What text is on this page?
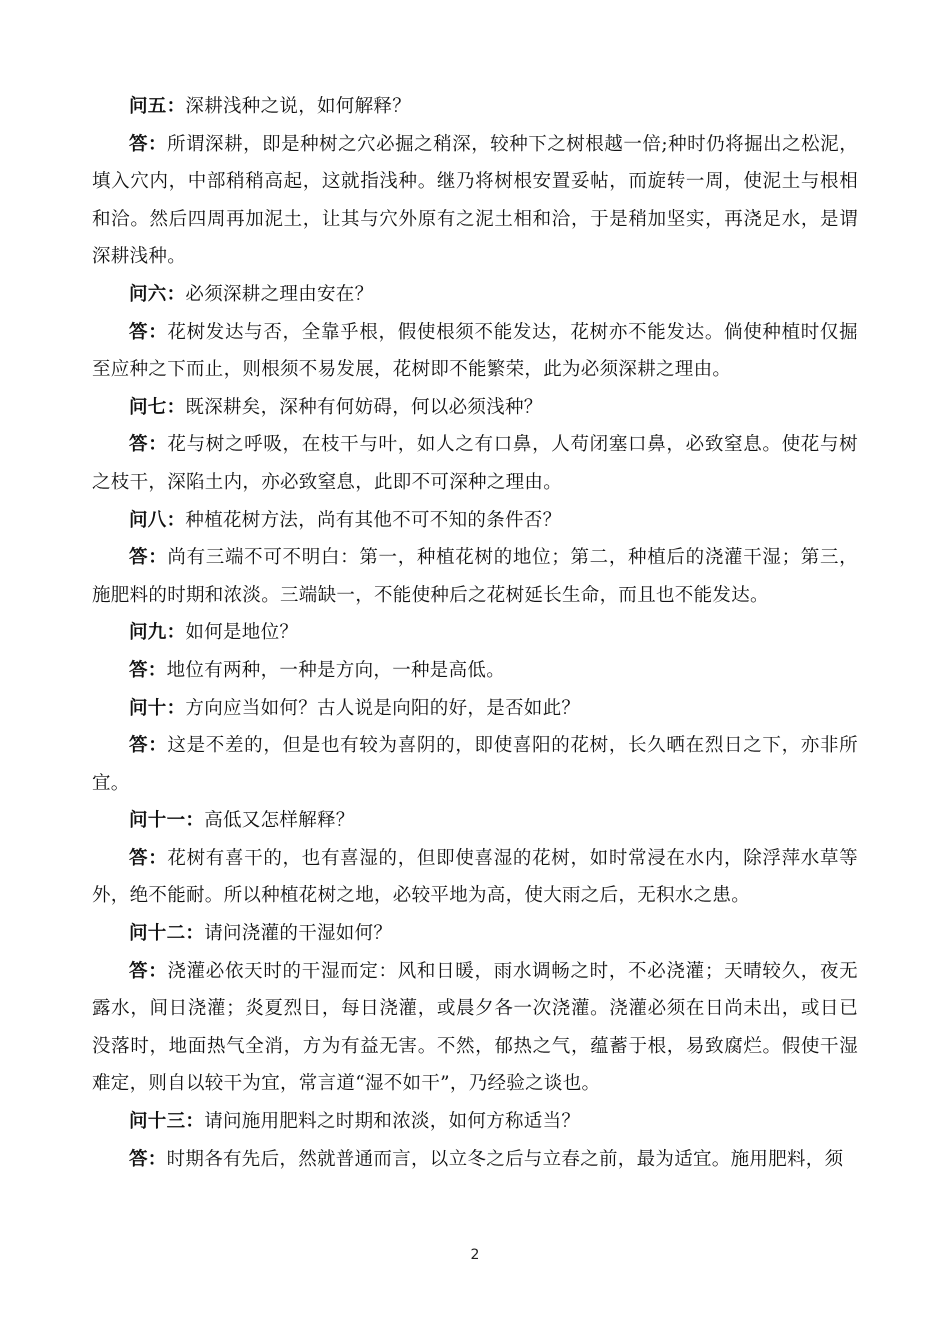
问五：深耕浅种之说，如何解释？

答：所谓深耕，即是种树之穴必掘之稍深，较种下之树根越一倍;种时仍将掘出之松泥，填入穴内，中部稍稍高起，这就指浅种。继乃将树根安置妥帖，而旋转一周，使泥土与根相和洽。然后四周再加泥土，让其与穴外原有之泥土相和洽，于是稍加坚实，再浇足水，是谓深耕浅种。

问六：必须深耕之理由安在？

答：花树发达与否，全靠乎根，假使根须不能发达，花树亦不能发达。倘使种植时仅掘至应种之下而止，则根须不易发展，花树即不能繁荣，此为必须深耕之理由。

问七：既深耕矣，深种有何妨碍，何以必须浅种？

答：花与树之呼吸，在枝干与叶，如人之有口鼻，人苟闭塞口鼻，必致窒息。使花与树之枝干，深陷土内，亦必致窒息，此即不可深种之理由。

问八：种植花树方法，尚有其他不可不知的条件否？

答：尚有三端不可不明白：第一，种植花树的地位；第二，种植后的浇灌干湿；第三，施肥料的时期和浓淡。三端缺一，不能使种后之花树延长生命，而且也不能发达。

问九：如何是地位？

答：地位有两种，一种是方向，一种是高低。

问十：方向应当如何？古人说是向阳的好，是否如此？

答：这是不差的，但是也有较为喜阴的，即使喜阳的花树，长久晒在烈日之下，亦非所宜。

问十一：高低又怎样解释？

答：花树有喜干的，也有喜湿的，但即使喜湿的花树，如时常浸在水内，除浮萍水草等外，绝不能耐。所以种植花树之地，必较平地为高，使大雨之后，无积水之患。

问十二：请问浇灌的干湿如何？

答：浇灌必依天时的干湿而定：风和日暖，雨水调畅之时，不必浇灌；天晴较久，夜无露水，间日浇灌；炎夏烈日，每日浇灌，或晨夕各一次浇灌。浇灌必须在日尚未出，或日已没落时，地面热气全消，方为有益无害。不然，郁热之气，蕴蓄于根，易致腐烂。假使干湿难定，则自以较干为宜，常言道“湿不如干”，乃经验之谈也。

问十三：请问施用肥料之时期和浓淡，如何方称适当？

答：时期各有先后，然就普通而言，以立冬之后与立春之前，最为适宜。施用肥料，须

2
